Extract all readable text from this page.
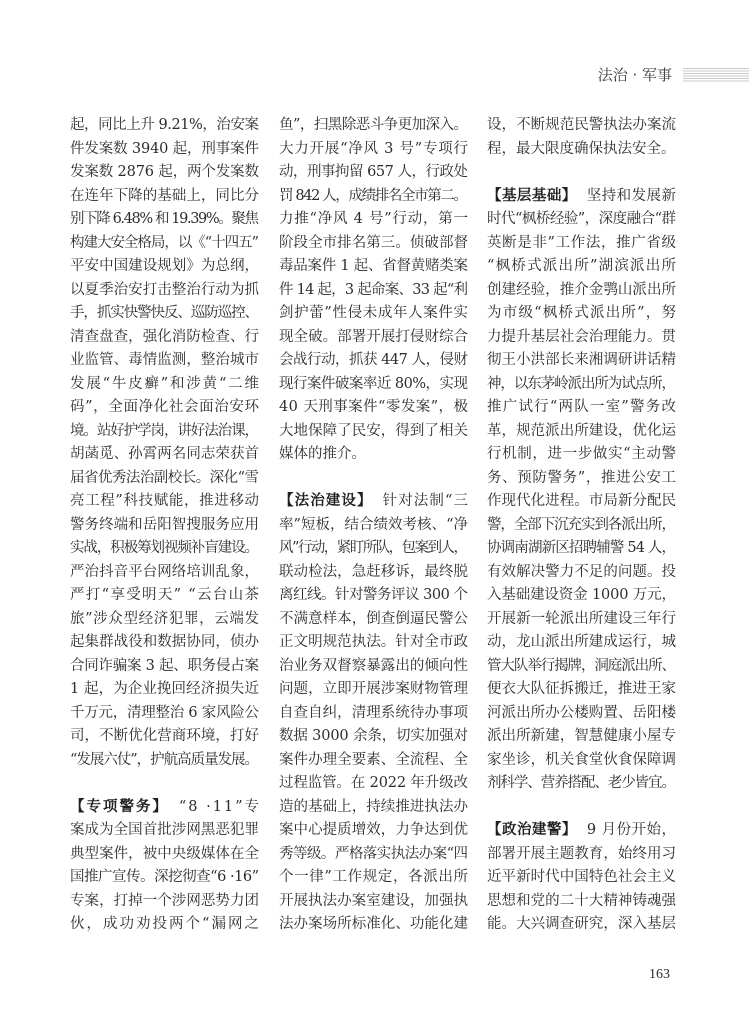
法治 · 军事
起，同比上升 9.21%，治安案
件发案数 3940 起，刑事案件
发案数 2876 起，两个发案数
在连年下降的基础上，同比分
别下降 6.48% 和 19.39%。聚焦
构建大安全格局，以《“十四五”
平安中国建设规划》为总纲，
以夏季治安打击整治行动为抓
手，抓实快警快反、巡防巡控、
清查盘查，强化消防检查、行
业监管、毒情监测，整治城市
发展“牛皮癣”和涉黄“二维
码”，全面净化社会面治安环
境。站好护学岗，讲好法治课，
胡菡觅、孙霄两名同志荣获首
届省优秀法治副校长。深化“雪
亮工程”科技赋能，推进移动
警务终端和岳阳智搜服务应用
实战，积极筹划视频补盲建设。
严治抖音平台网络培训乱象，
严打“享受明天” “云台山茶
旅”涉众型经济犯罪，云端发
起集群战役和数据协同，侦办
合同诈骗案 3 起、职务侵占案
1 起，为企业挽回经济损失近
千万元，清理整治 6 家风险公
司，不断优化营商环境，打好
“发展六仗”，护航高质量发展。
【专项警务】 “8 ·11”专
案成为全国首批涉网黑恶犯罪
典型案件，被中央级媒体在全
国推广宣传。深挖彻查“6 ·16”
专案，打掉一个涉网恶势力团
伙，成功劝投两个“漏网之
鱼”，扫黑除恶斗争更加深入。
大力开展“净风 3 号”专项行
动，刑事拘留 657 人，行政处
罚 842 人，成绩排名全市第二。
力推“净风 4 号”行动，第一
阶段全市排名第三。侦破部督
毒品案件 1 起、省督黄赌类案
件 14 起，3 起命案、33 起“利
剑护蕾”性侵未成年人案件实
现全破。部署开展打侵财综合
会战行动，抓获 447 人，侵财
现行案件破案率近 80%，实现
40 天刑事案件“零发案”，极
大地保障了民安，得到了相关
媒体的推介。
【法治建设】 针对法制“三
率”短板，结合绩效考核、“净
风”行动，紧盯所队，包案到人，
联动检法，急赶移诉，最终脱
离红线。针对警务评议 300 个
不满意样本，倒查倒逼民警公
正文明规范执法。针对全市政
治业务双督察暴露出的倾向性
问题，立即开展涉案财物管理
自查自纠，清理系统待办事项
数据 3000 余条，切实加强对
案件办理全要素、全流程、全
过程监管。在 2022 年升级改
造的基础上，持续推进执法办
案中心提质增效，力争达到优
秀等级。严格落实执法办案“四
个一律”工作规定，各派出所
开展执法办案室建设，加强执
法办案场所标准化、功能化建
设，不断规范民警执法办案流
程，最大限度确保执法安全。
【基层基础】 坚持和发展新
时代“枫桥经验”，深度融合“群
英断是非”工作法，推广省级
“枫桥式派出所”湖滨派出所
创建经验，推介金鹗山派出所
为市级“枫桥式派出所”，努
力提升基层社会治理能力。贯
彻王小洪部长来湘调研讲话精
神，以东茅岭派出所为试点所，
推广试行“两队一室”警务改
革，规范派出所建设，优化运
行机制，进一步做实“主动警
务、预防警务”，推进公安工
作现代化进程。市局新分配民
警，全部下沉充实到各派出所，
协调南湖新区招聘辅警 54 人，
有效解决警力不足的问题。投
入基础建设资金 1000 万元，
开展新一轮派出所建设三年行
动，龙山派出所建成运行，城
管大队举行揭牌，洞庭派出所、
便衣大队征拆搬迁，推进王家
河派出所办公楼购置、岳阳楼
派出所新建，智慧健康小屋专
家坐诊，机关食堂伙食保障调
剂科学、营养搭配、老少皆宜。
【政治建警】 9 月份开始，
部署开展主题教育，始终用习
近平新时代中国特色社会主义
思想和党的二十大精神铸魂强
能。大兴调查研究，深入基层
163
